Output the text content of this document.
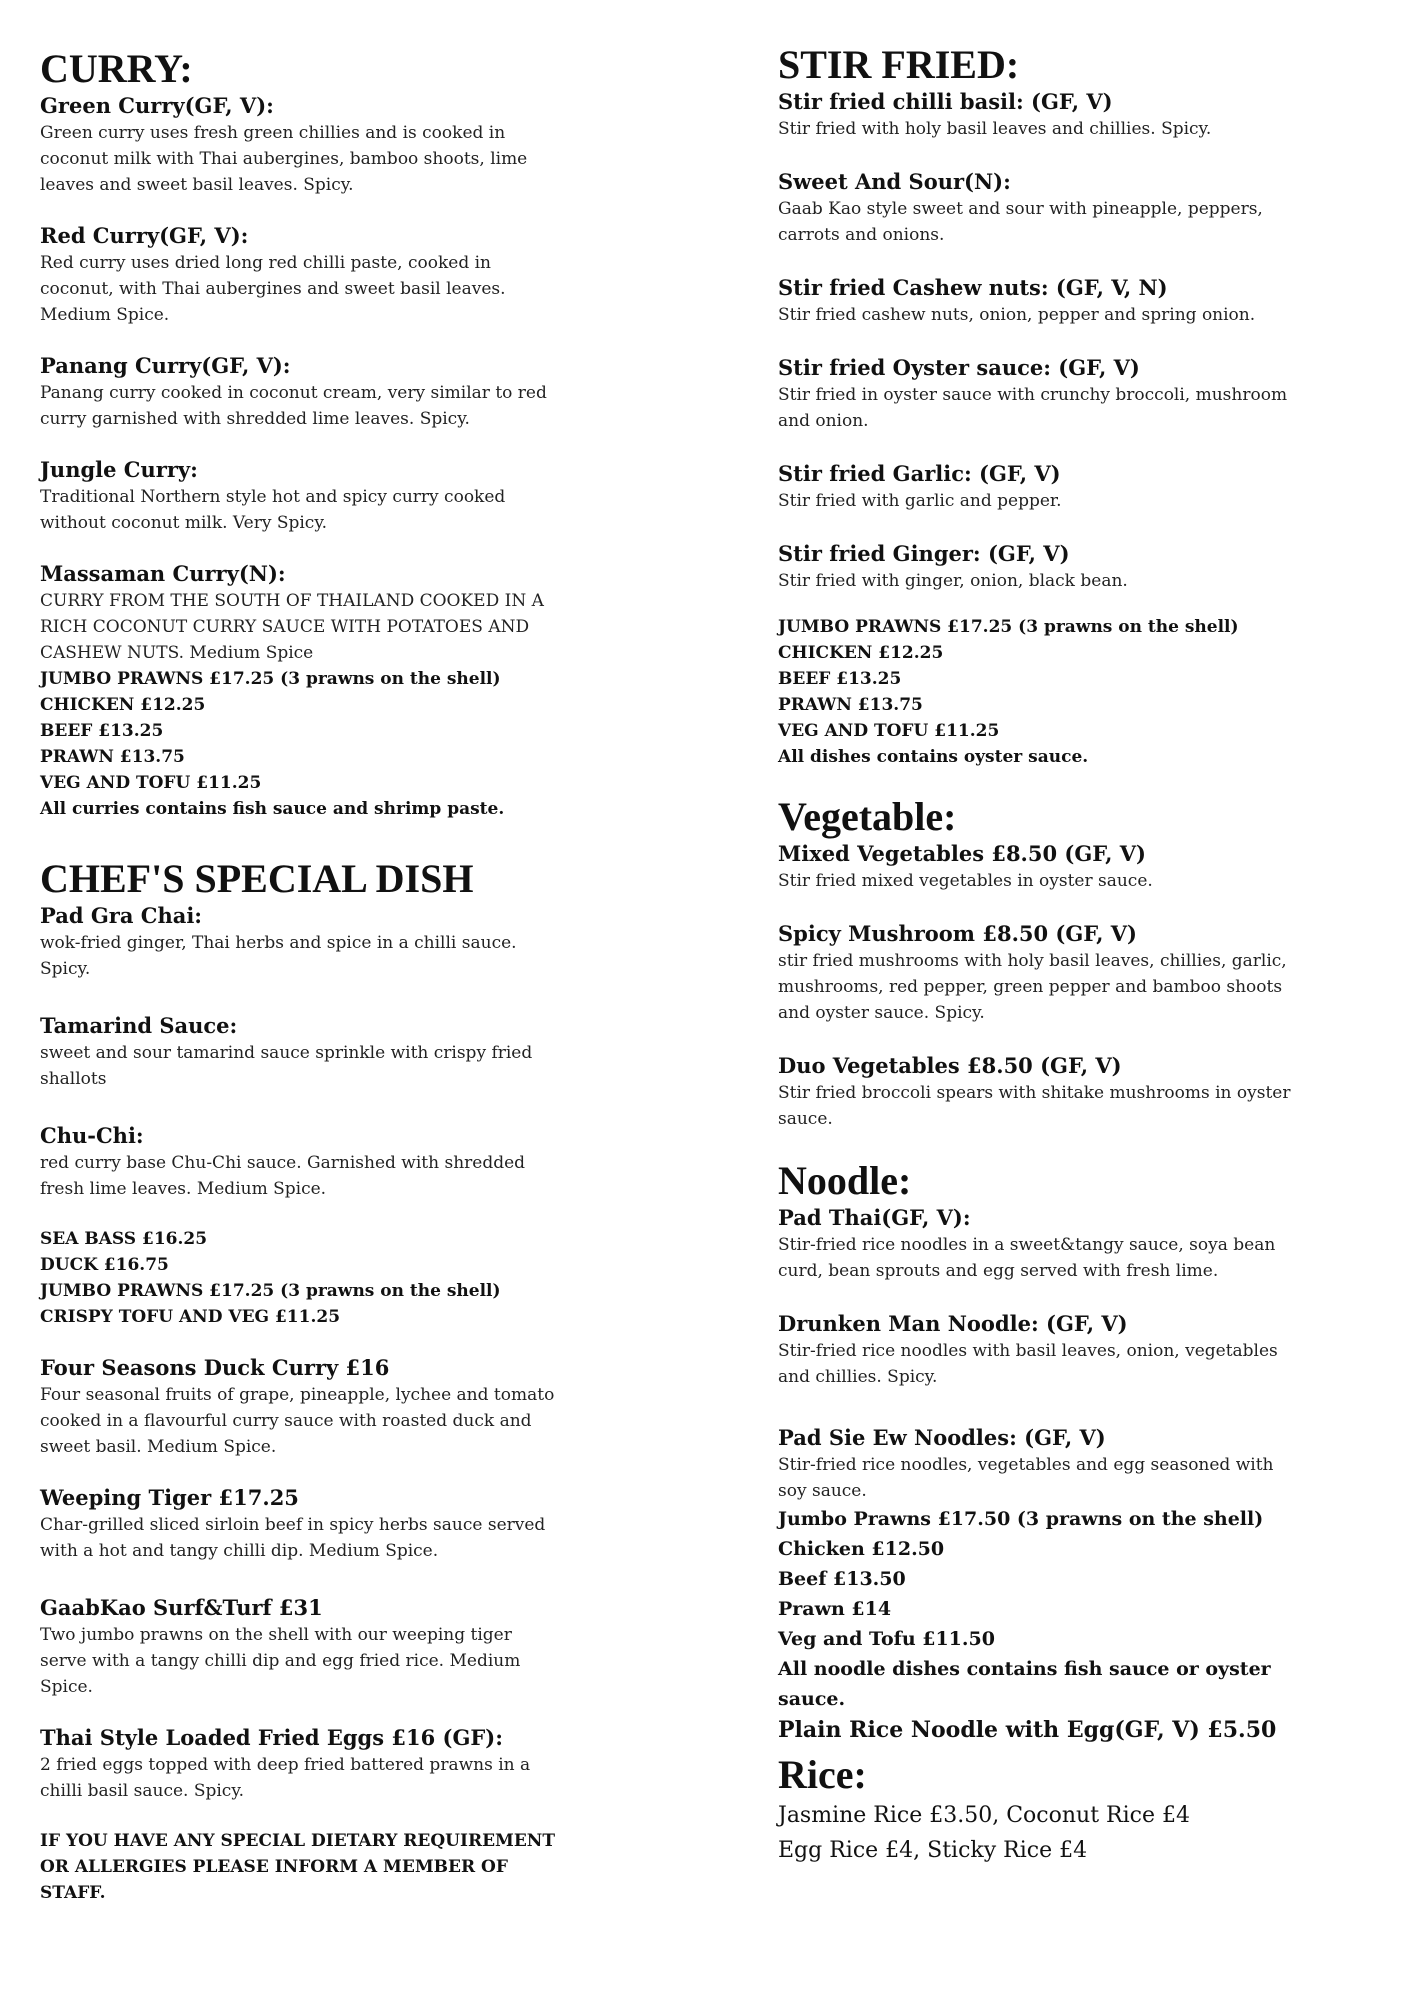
CURRY:
Green Curry(GF, V):
Green curry uses fresh green chillies and is cooked in
coconut milk with Thai aubergines, bamboo shoots, lime
leaves and sweet basil leaves. Spicy.
Red Curry(GF, V):
Red curry uses dried long red chilli paste, cooked in
coconut, with Thai aubergines and sweet basil leaves.
Medium Spice.
Panang Curry(GF, V):
Panang curry cooked in coconut cream, very similar to red
curry garnished with shredded lime leaves. Spicy.
Jungle Curry:
Traditional Northern style hot and spicy curry cooked
without coconut milk. Very Spicy.
Massaman Curry(N):
CURRY FROM THE SOUTH OF THAILAND COOKED IN A
RICH COCONUT CURRY SAUCE WITH POTATOES AND
CASHEW NUTS. Medium Spice
JUMBO PRAWNS £17.25 (3 prawns on the shell)
CHICKEN £12.25
BEEF £13.25
PRAWN £13.75
VEG AND TOFU £11.25
All curries contains fish sauce and shrimp paste.
CHEF'S SPECIAL DISH
Pad Gra Chai:
wok-fried ginger, Thai herbs and spice in a chilli sauce.
Spicy.
Tamarind Sauce:
sweet and sour tamarind sauce sprinkle with crispy fried
shallots
Chu-Chi:
red curry base Chu-Chi sauce. Garnished with shredded
fresh lime leaves. Medium Spice.
SEA BASS £16.25
DUCK £16.75
JUMBO PRAWNS £17.25 (3 prawns on the shell)
CRISPY TOFU AND VEG £11.25
Four Seasons Duck Curry £16
Four seasonal fruits of grape, pineapple, lychee and tomato
cooked in a flavourful curry sauce with roasted duck and
sweet basil. Medium Spice.
Weeping Tiger £17.25
Char-grilled sliced sirloin beef in spicy herbs sauce served
with a hot and tangy chilli dip. Medium Spice.
GaabKao Surf&Turf £31
Two jumbo prawns on the shell with our weeping tiger
serve with a tangy chilli dip and egg fried rice. Medium
Spice.
Thai Style Loaded Fried Eggs £16 (GF):
2 fried eggs topped with deep fried battered prawns in a
chilli basil sauce. Spicy.
IF YOU HAVE ANY SPECIAL DIETARY REQUIREMENT
OR ALLERGIES PLEASE INFORM A MEMBER OF STAFF.
STIR FRIED:
Stir fried chilli basil: (GF, V)
Stir fried with holy basil leaves and chillies. Spicy.
Sweet And Sour(N):
Gaab Kao style sweet and sour with pineapple, peppers,
carrots and onions.
Stir fried Cashew nuts: (GF, V, N)
Stir fried cashew nuts, onion, pepper and spring onion.
Stir fried Oyster sauce: (GF, V)
Stir fried in oyster sauce with crunchy broccoli, mushroom
and onion.
Stir fried Garlic: (GF, V)
Stir fried with garlic and pepper.
Stir fried Ginger: (GF, V)
Stir fried with ginger, onion, black bean.
JUMBO PRAWNS £17.25 (3 prawns on the shell)
CHICKEN £12.25
BEEF £13.25
PRAWN £13.75
VEG AND TOFU £11.25
All dishes contains oyster sauce.
Vegetable:
Mixed Vegetables £8.50 (GF, V)
Stir fried mixed vegetables in oyster sauce.
Spicy Mushroom £8.50 (GF, V)
stir fried mushrooms with holy basil leaves, chillies, garlic,
mushrooms, red pepper, green pepper and bamboo shoots
and oyster sauce. Spicy.
Duo Vegetables £8.50 (GF, V)
Stir fried broccoli spears with shitake mushrooms in oyster
sauce.
Noodle:
Pad Thai(GF, V):
Stir-fried rice noodles in a sweet&tangy sauce, soya bean
curd, bean sprouts and egg served with fresh lime.
Drunken Man Noodle: (GF, V)
Stir-fried rice noodles with basil leaves, onion, vegetables
and chillies. Spicy.
Pad Sie Ew Noodles: (GF, V)
Stir-fried rice noodles, vegetables and egg seasoned with
soy sauce.
Jumbo Prawns £17.50 (3 prawns on the shell)
Chicken £12.50
Beef £13.50
Prawn £14
Veg and Tofu £11.50
All noodle dishes contains fish sauce or oyster
sauce.
Plain Rice Noodle with Egg(GF, V) £5.50
Rice:
Jasmine Rice £3.50, Coconut Rice £4
Egg Rice £4, Sticky Rice £4
